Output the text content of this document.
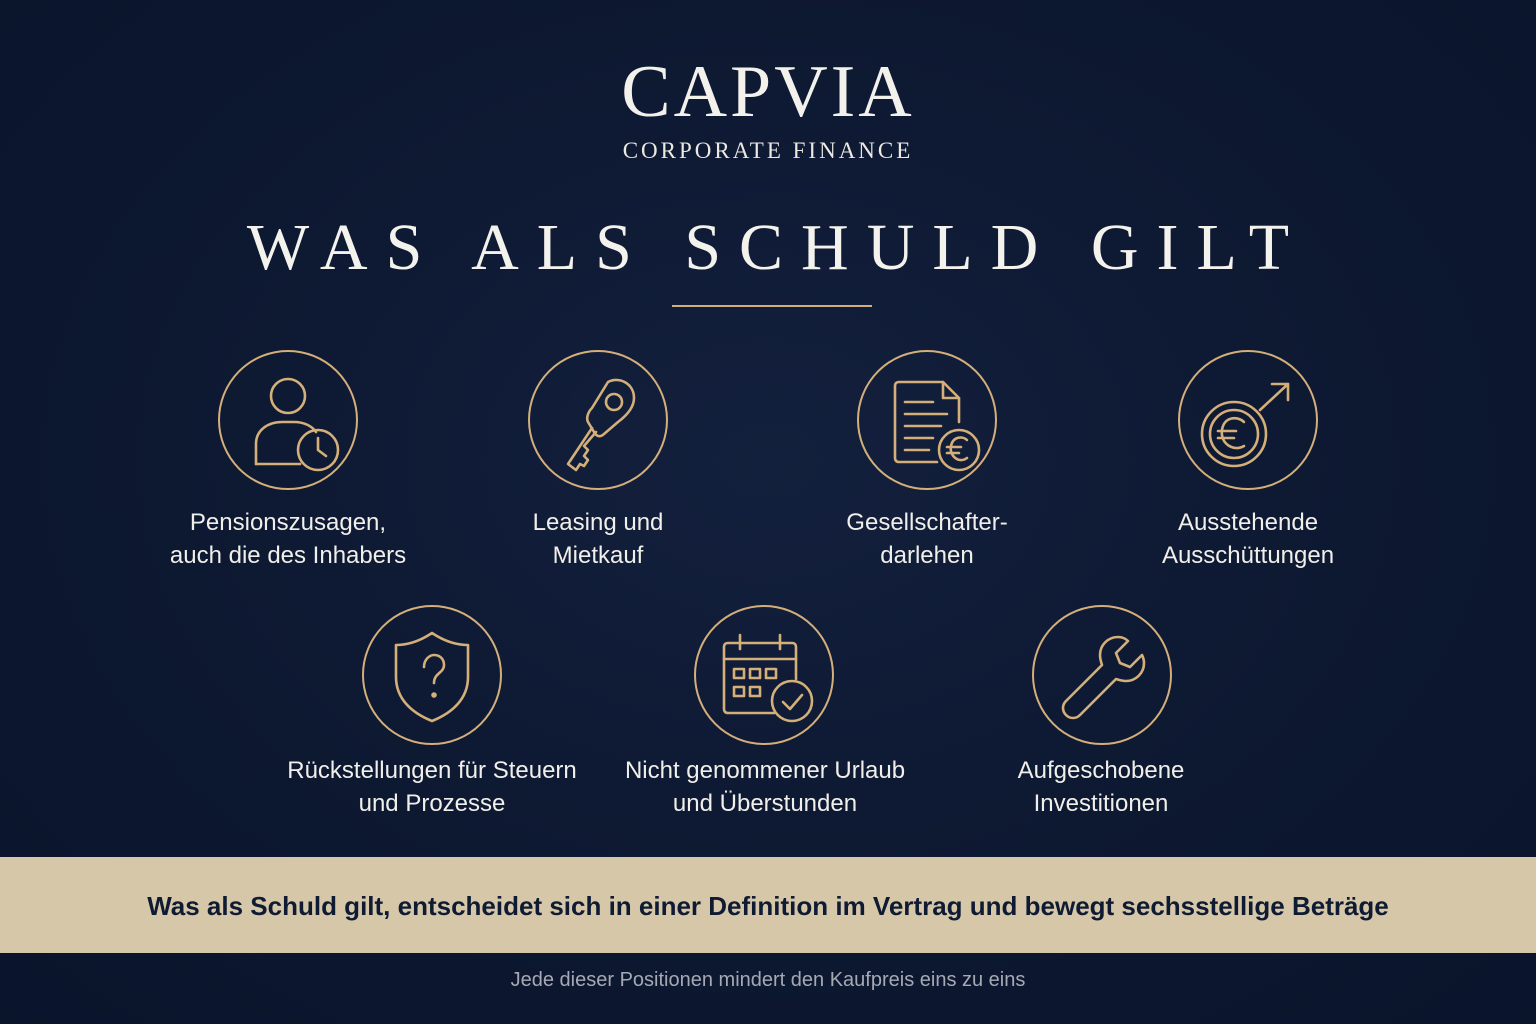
CAPVIA
CORPORATE FINANCE
WAS ALS SCHULD GILT
Pensionszusagen,
auch die des Inhabers
Leasing und
Mietkauf
Gesellschafter-
darlehen
Ausstehende
Ausschüttungen
Rückstellungen für Steuern
und Prozesse
Nicht genommener Urlaub
und Überstunden
Aufgeschobene
Investitionen
Was als Schuld gilt, entscheidet sich in einer Definition im Vertrag und bewegt sechsstellige Beträge
Jede dieser Positionen mindert den Kaufpreis eins zu eins
